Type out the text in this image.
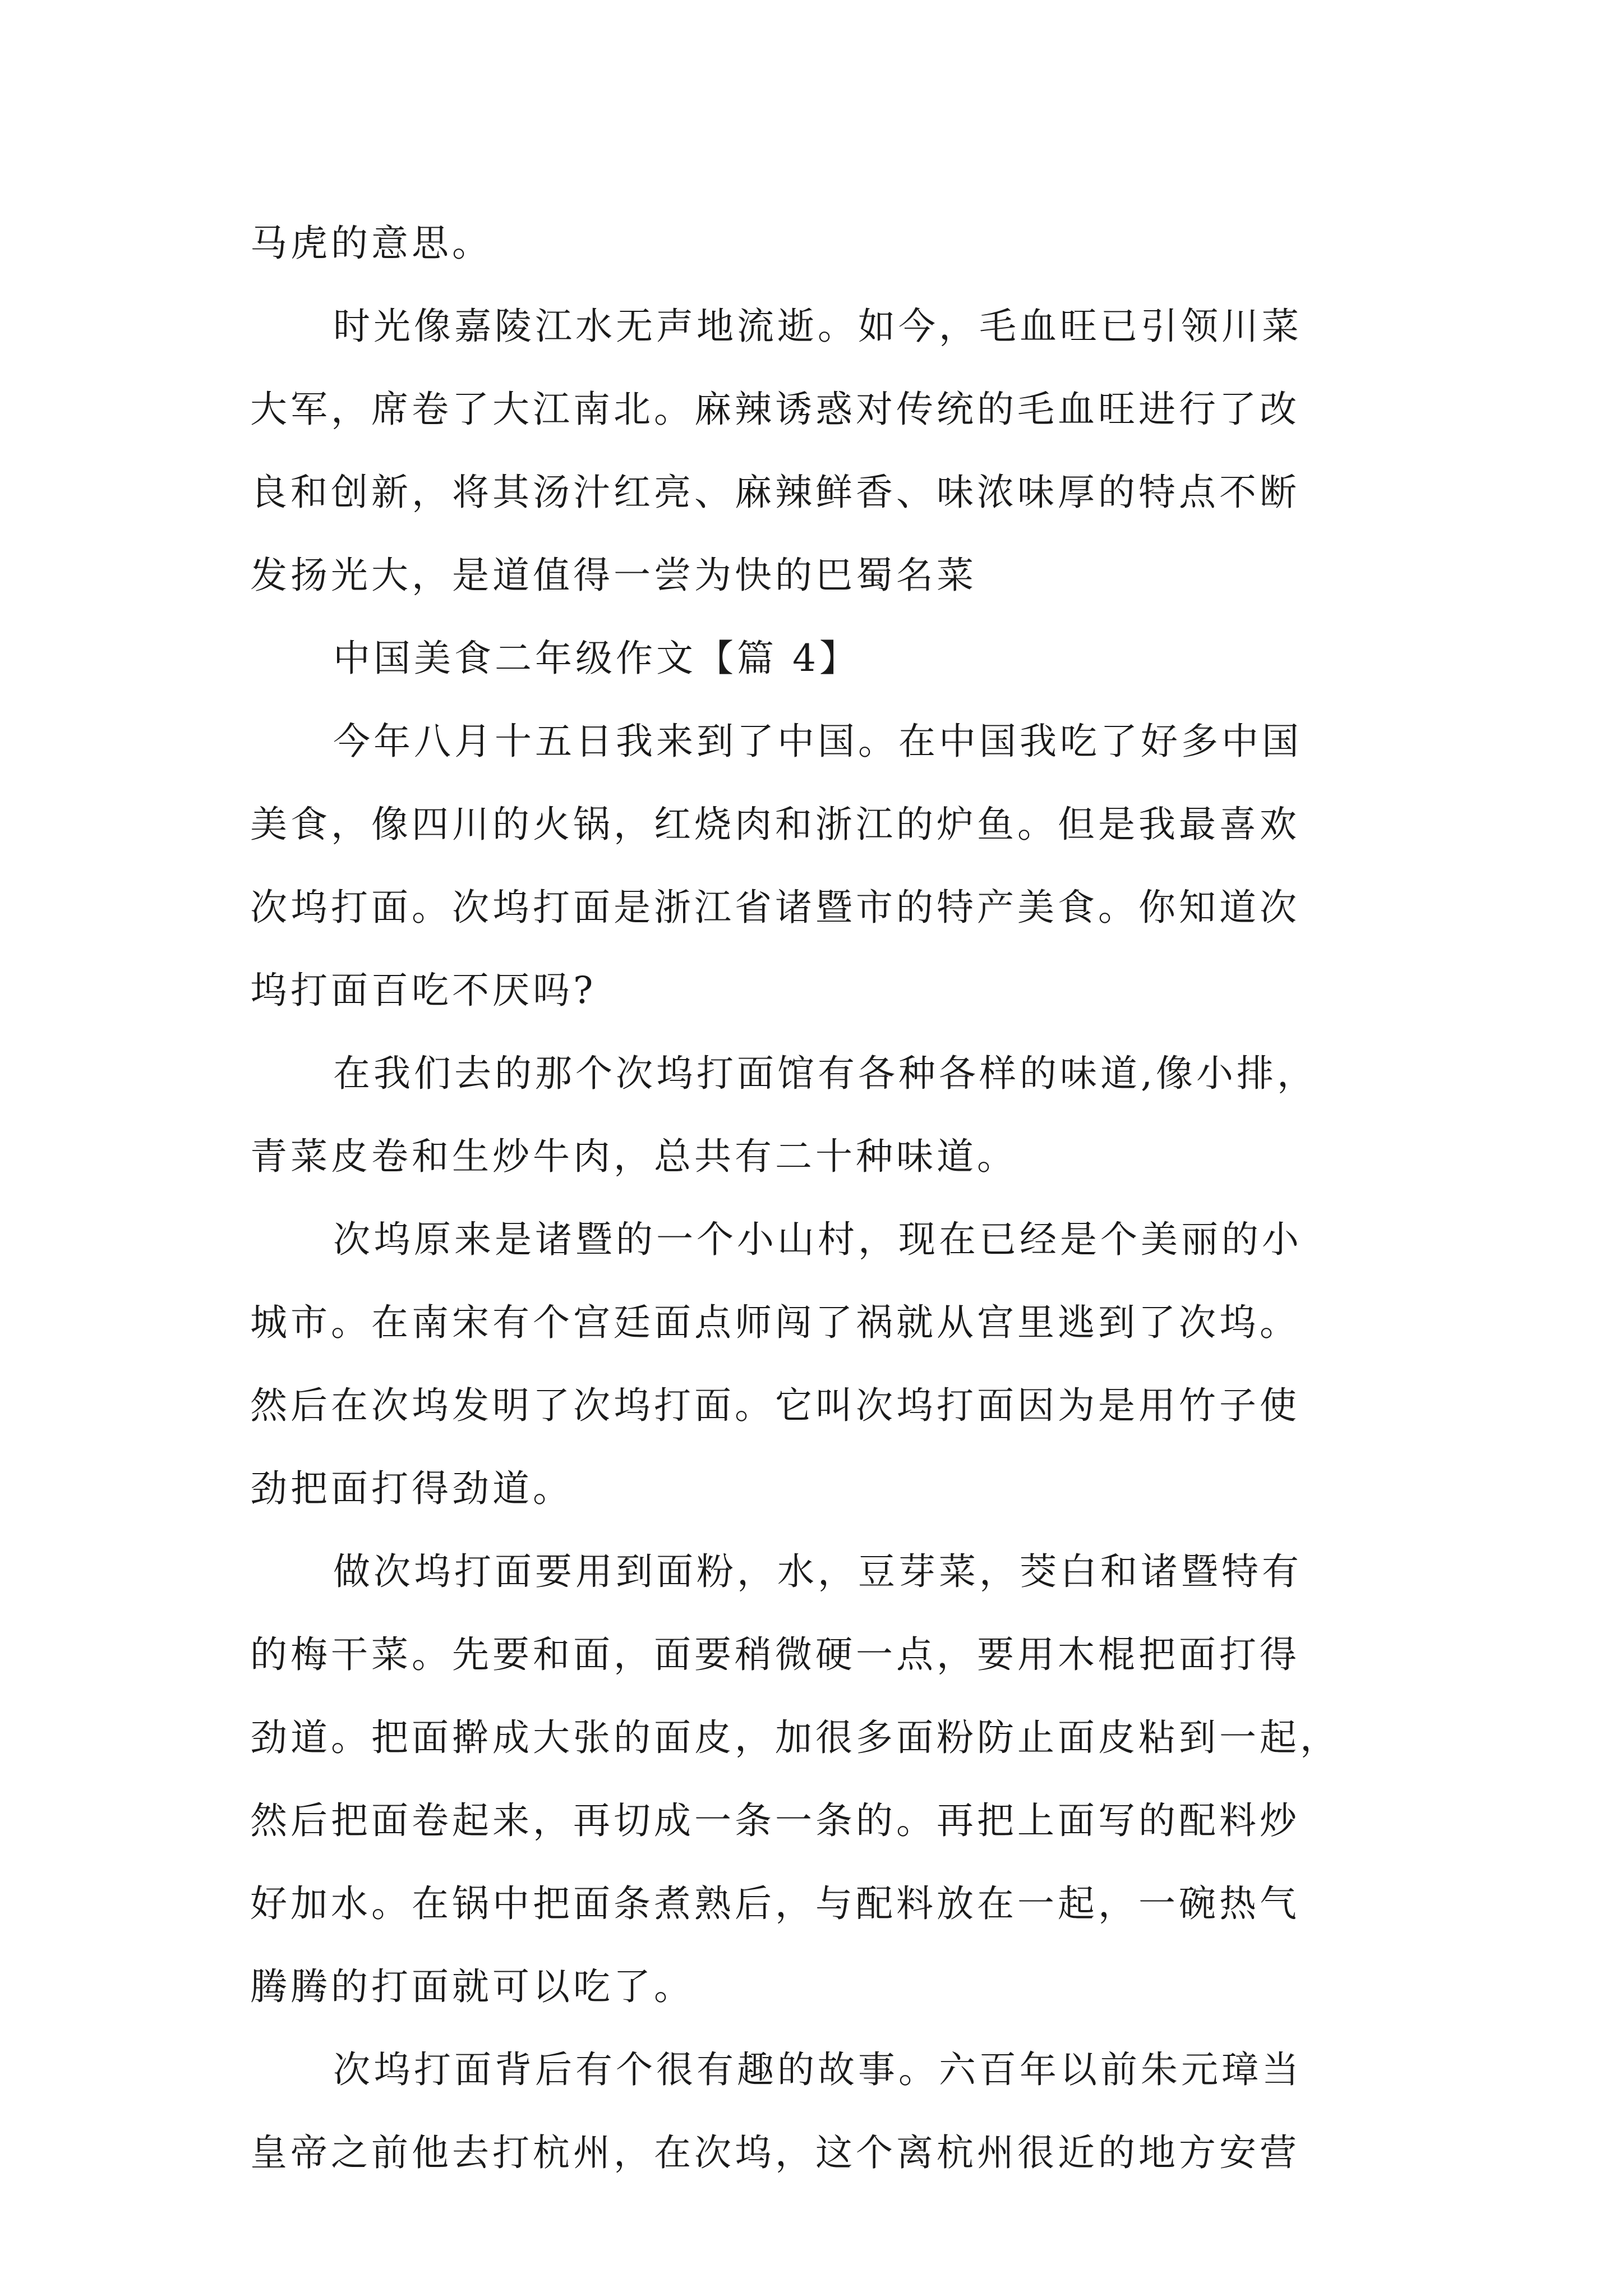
马虎的意思。
时光像嘉陵江水无声地流逝。如今，毛血旺已引领川菜
大军，席卷了大江南北。麻辣诱惑对传统的毛血旺进行了改
良和创新，将其汤汁红亮、麻辣鲜香、味浓味厚的特点不断
发扬光大，是道值得一尝为快的巴蜀名菜
中国美食二年级作文【篇 4】
今年八月十五日我来到了中国。在中国我吃了好多中国
美食，像四川的火锅，红烧肉和浙江的炉鱼。但是我最喜欢
次坞打面。次坞打面是浙江省诸暨市的特产美食。你知道次
坞打面百吃不厌吗?
在我们去的那个次坞打面馆有各种各样的味道,像小排，
青菜皮卷和生炒牛肉，总共有二十种味道。
次坞原来是诸暨的一个小山村，现在已经是个美丽的小
城市。在南宋有个宫廷面点师闯了祸就从宫里逃到了次坞。
然后在次坞发明了次坞打面。它叫次坞打面因为是用竹子使
劲把面打得劲道。
做次坞打面要用到面粉，水，豆芽菜，茭白和诸暨特有
的梅干菜。先要和面，面要稍微硬一点，要用木棍把面打得
劲道。把面擀成大张的面皮，加很多面粉防止面皮粘到一起，
然后把面卷起来，再切成一条一条的。再把上面写的配料炒
好加水。在锅中把面条煮熟后，与配料放在一起，一碗热气
腾腾的打面就可以吃了。
次坞打面背后有个很有趣的故事。六百年以前朱元璋当
皇帝之前他去打杭州，在次坞，这个离杭州很近的地方安营
